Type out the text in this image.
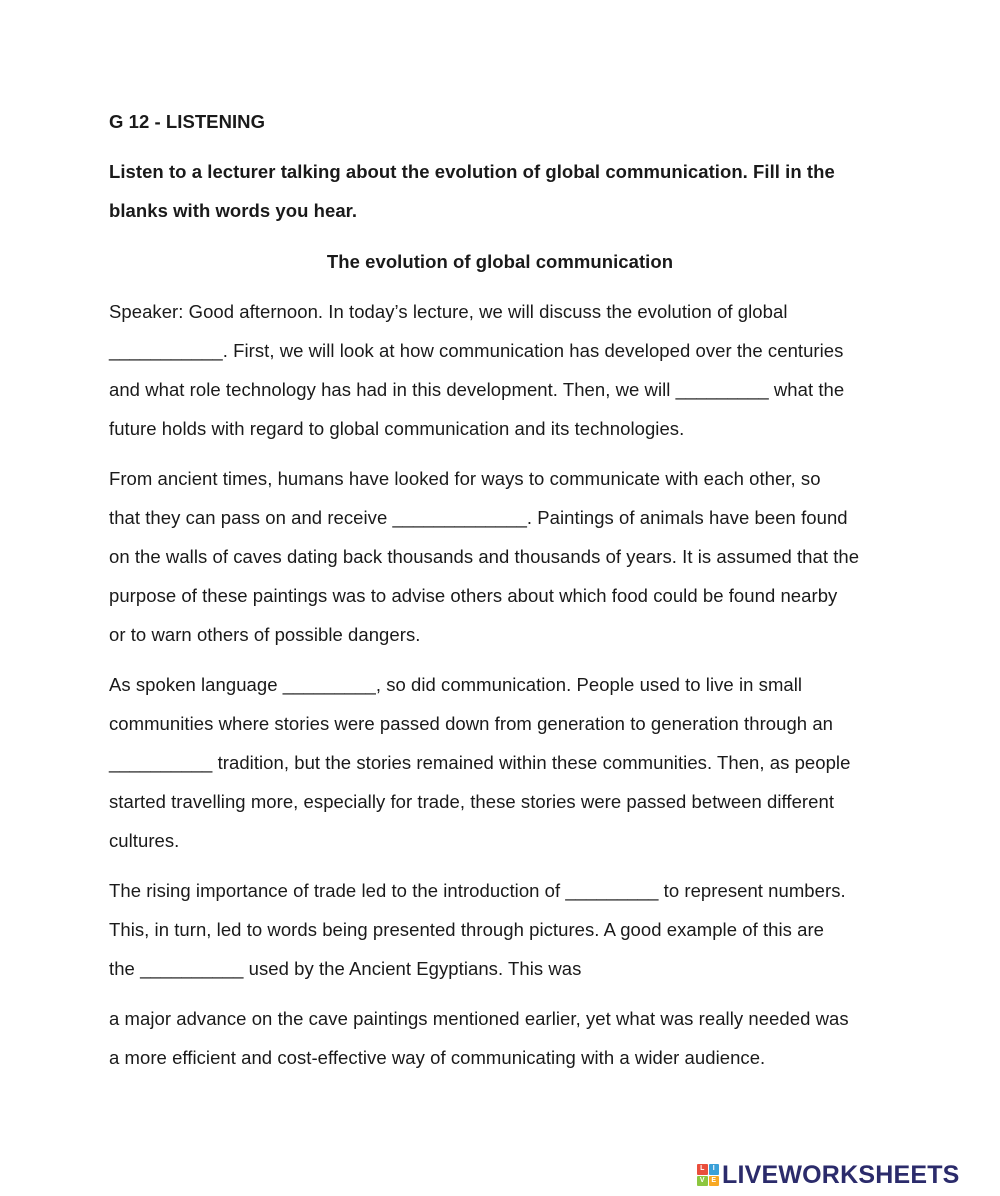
G 12 - LISTENING
Listen to a lecturer talking about the evolution of global communication. Fill in the
blanks with words you hear.
The evolution of global communication
Speaker: Good afternoon. In today’s lecture, we will discuss the evolution of global
___________. First, we will look at how communication has developed over the centuries
and what role technology has had in this development. Then, we will _________ what the
future holds with regard to global communication and its technologies.
From ancient times, humans have looked for ways to communicate with each other, so
that they can pass on and receive _____________. Paintings of animals have been found
on the walls of caves dating back thousands and thousands of years. It is assumed that the
purpose of these paintings was to advise others about which food could be found nearby
or to warn others of possible dangers.
As spoken language _________, so did communication. People used to live in small
communities where stories were passed down from generation to generation through an
__________ tradition, but the stories remained within these communities. Then, as people
started travelling more, especially for trade, these stories were passed between different
cultures.
The rising importance of trade led to the introduction of _________ to represent numbers.
This, in turn, led to words being presented through pictures. A good example of this are
the __________ used by the Ancient Egyptians. This was
a major advance on the cave paintings mentioned earlier, yet what was really needed was
a more efficient and cost-effective way of communicating with a wider audience.
L	I
V E LIVEWORKSHEETS
